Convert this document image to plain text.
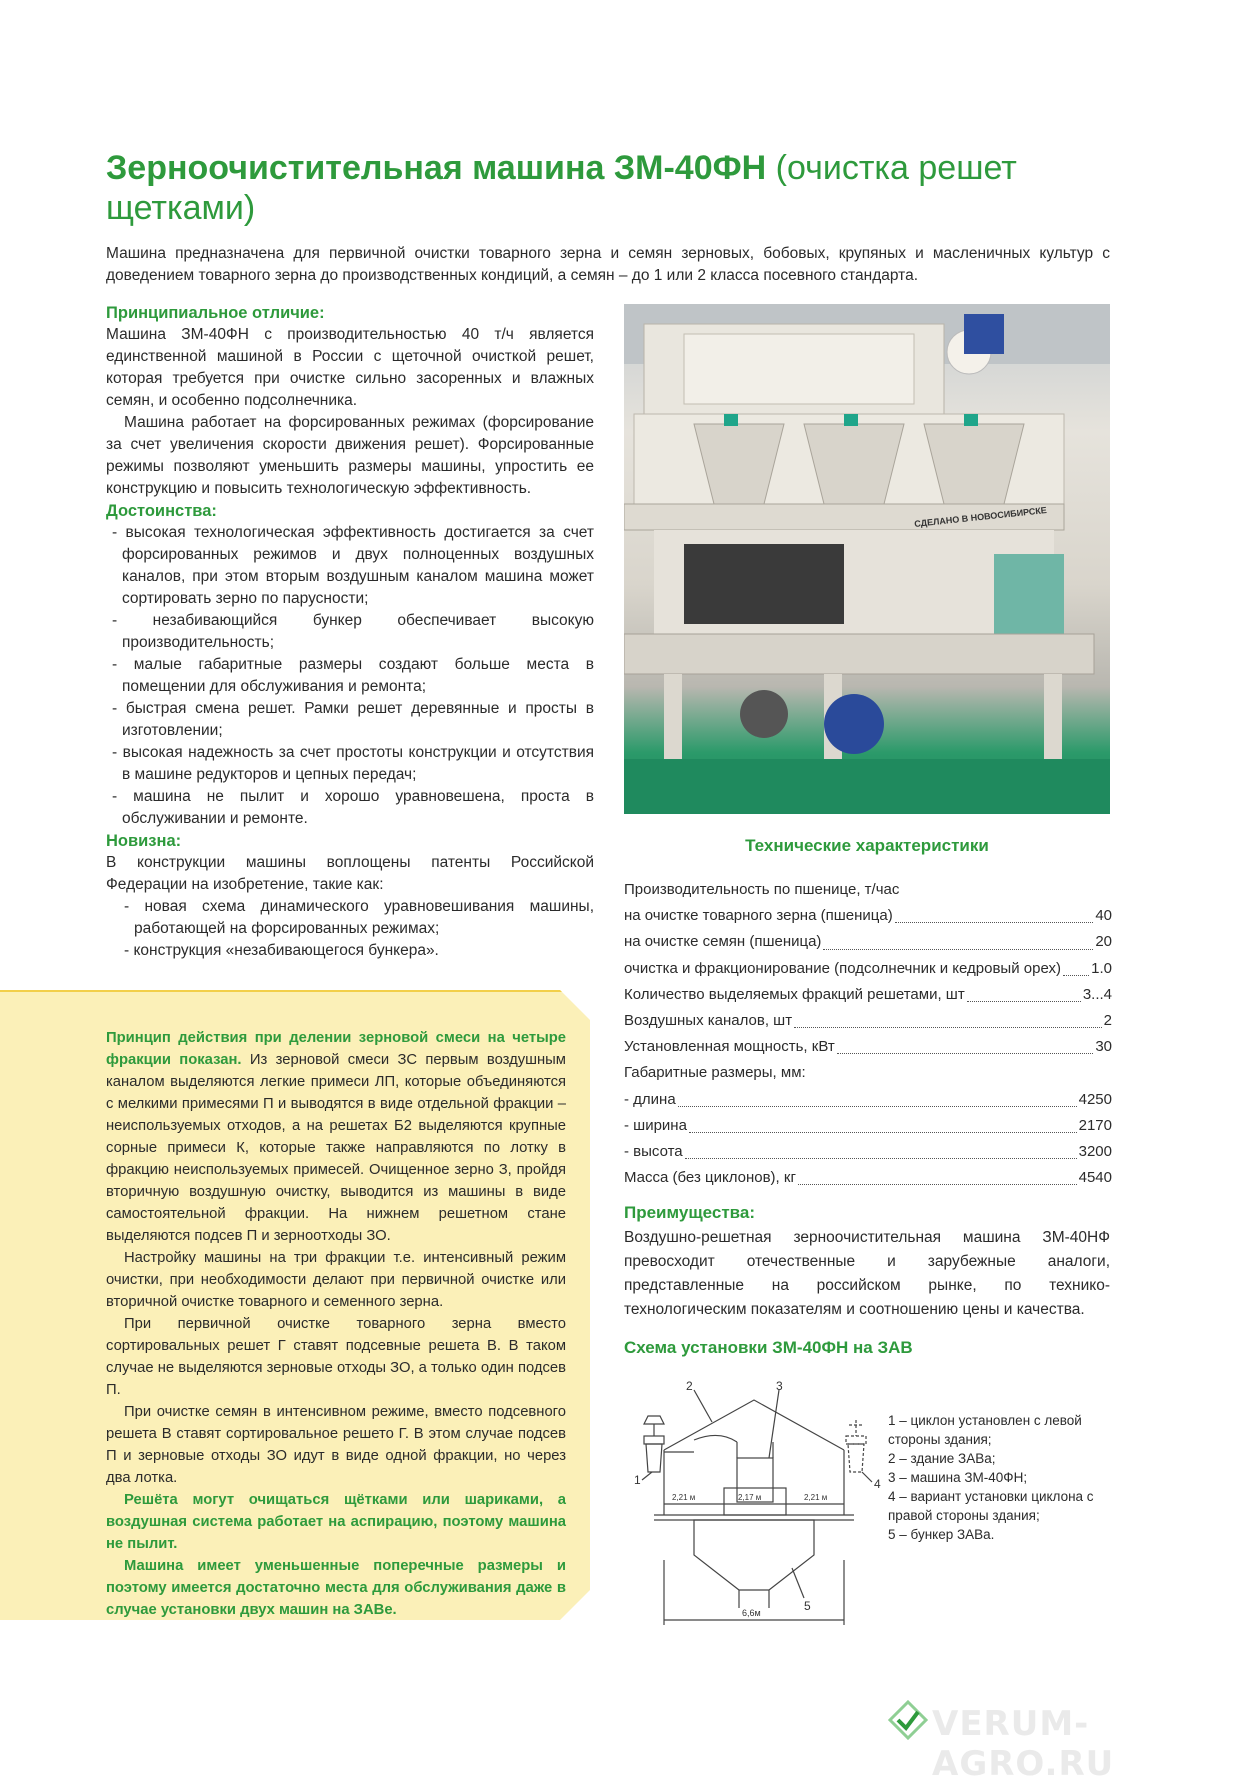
Зерноочистительная машина ЗМ-40ФН (очистка решет щетками)
Машина предназначена для первичной очистки товарного зерна и семян зерновых, бобовых, крупяных и масленичных культур с доведением товарного зерна до производственных кондиций, а семян – до 1 или 2 класса посевного стандарта.
Принципиальное отличие:

Машина ЗМ-40ФН с производительностью 40 т/ч является единственной машиной в России с щеточной очисткой решет, которая требуется при очистке сильно засоренных и влажных семян, и особенно подсолнечника.

Машина работает на форсированных режимах (форсирование за счет увеличения скорости движения решет). Форсированные режимы позволяют уменьшить размеры машины, упростить ее конструкцию и повысить технологическую эффективность.

Достоинства:
- высокая технологическая эффективность достигается за счет форсированных режимов и двух полноценных воздушных каналов, при этом вторым воздушным каналом машина может сортировать зерно по парусности;
- незабивающийся бункер обеспечивает высокую производительность;
- малые габаритные размеры создают больше места в помещении для обслуживания и ремонта;
- быстрая смена решет. Рамки решет деревянные и просты в изготовлении;
- высокая надежность за счет простоты конструкции и отсутствия в машине редукторов и цепных передач;
- машина не пылит и хорошо уравновешена, проста в обслуживании и ремонте.
Новизна:

В конструкции машины воплощены патенты Российской Федерации на изобретение, такие как:

- новая схема динамического уравновешивания машины, работающей на форсированных режимах;
- конструкция «незабивающегося бункера».
СДЕЛАНО В НОВОСИБИРСКЕ

Принцип действия при делении зерновой смеси на четыре фракции показан. Из зерновой смеси ЗС первым воздушным каналом выделяются легкие примеси ЛП, которые объединяются с мелкими примесями П и выводятся в виде отдельной фракции – неиспользуемых отходов, а на решетах Б2 выделяются крупные сорные примеси К, которые также направляются по лотку в фракцию неиспользуемых примесей. Очищенное зерно З, пройдя вторичную воздушную очистку, выводится из машины в виде самостоятельной фракции. На нижнем решетном стане выделяются подсев П и зерноотходы ЗО.

Настройку машины на три фракции т.е. интенсивный режим очистки, при необходимости делают при первичной очистке или вторичной очистке товарного и семенного зерна.

При первичной очистке товарного зерна вместо сортировальных решет Г ставят подсевные решета В. В таком случае не выделяются зерновые отходы ЗО, а только один подсев П.

При очистке семян в интенсивном режиме, вместо подсевного решета В ставят сортировальное решето Г. В этом случае подсев П и зерновые отходы ЗО идут в виде одной фракции, но через два лотка.

Решёта могут очищаться щётками или шариками, а воздушная система работает на аспирацию, поэтому машина не пылит.

Машина имеет уменьшенные поперечные размеры и поэтому имеется достаточно места для обслуживания даже в случае установки двух машин на ЗАВе.

Технические характеристики
Производительность по пшенице, т/час
на очистке товарного зерна (пшеница)	40
на очистке семян (пшеница)	20
очистка и фракционирование (подсолнечник и кедровый орех) 1.0
Количество выделяемых фракций решетами, шт	3...4
Воздушных каналов, шт	2
Установленная мощность, кВт	30
Габаритные размеры, мм:
- длина	4250
- ширина	2170
- высота	3200
Масса (без циклонов), кг	4540
Преимущества:
Воздушно-решетная зерноочистительная машина ЗМ-40НФ превосходит отечественные и зарубежные аналоги, представленные на российском рынке, по технико-технологическим показателям и соотношению цены и качества.
Схема установки ЗМ-40ФН на ЗАВ
1
2	3
4
5
2,21 м	2,17 м	2,21 м
6,6м
1 – циклон установлен с левой стороны здания;
2 – здание ЗАВа;
3 – машина ЗМ-40ФН;
4 – вариант установки циклона с правой стороны здания;
5 – бункер ЗАВа.
VERUM-AGRO.RU
